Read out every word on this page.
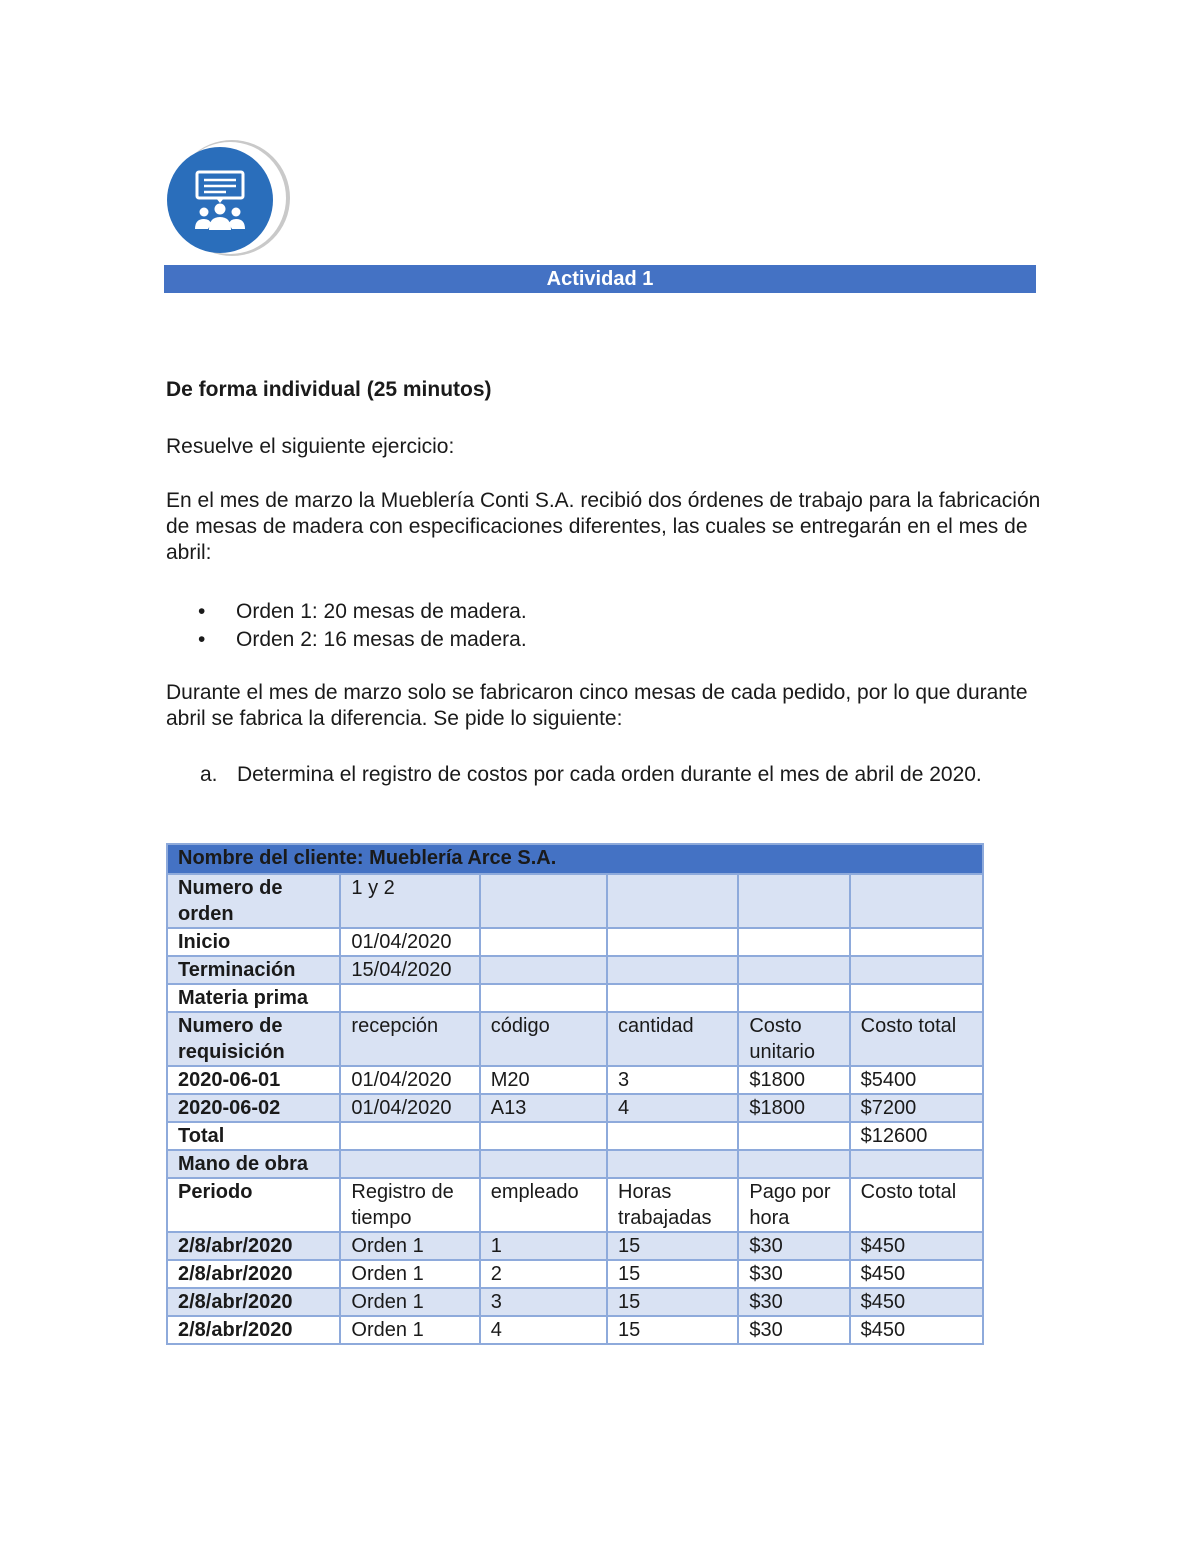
Actividad 1
De forma individual (25 minutos)
Resuelve el siguiente ejercicio:
En el mes de marzo la Mueblería Conti S.A. recibió dos órdenes de trabajo para la fabricación de mesas de madera con especificaciones diferentes, las cuales se entregarán en el mes de abril:
• Orden 1: 20 mesas de madera.
• Orden 2: 16 mesas de madera.
Durante el mes de marzo solo se fabricaron cinco mesas de cada pedido, por lo que durante abril se fabrica la diferencia. Se pide lo siguiente:
a. Determina el registro de costos por cada orden durante el mes de abril de 2020.
Nombre del cliente: Mueblería Arce S.A.					
Numero de orden	1 y 2				
Inicio	01/04/2020				
Terminación	15/04/2020				
Materia prima					
Numero de requisición	recepción	código	cantidad	Costo unitario	Costo total
2020-06-01	01/04/2020	M20	3	$1800	$5400
2020-06-02	01/04/2020	A13	4	$1800	$7200
Total					$12600
Mano de obra					
Periodo	Registro de tiempo	empleado	Horas trabajadas	Pago por hora	Costo total
2/8/abr/2020	Orden 1	1	15	$30	$450
2/8/abr/2020	Orden 1	2	15	$30	$450
2/8/abr/2020	Orden 1	3	15	$30	$450
2/8/abr/2020	Orden 1	4	15	$30	$450
